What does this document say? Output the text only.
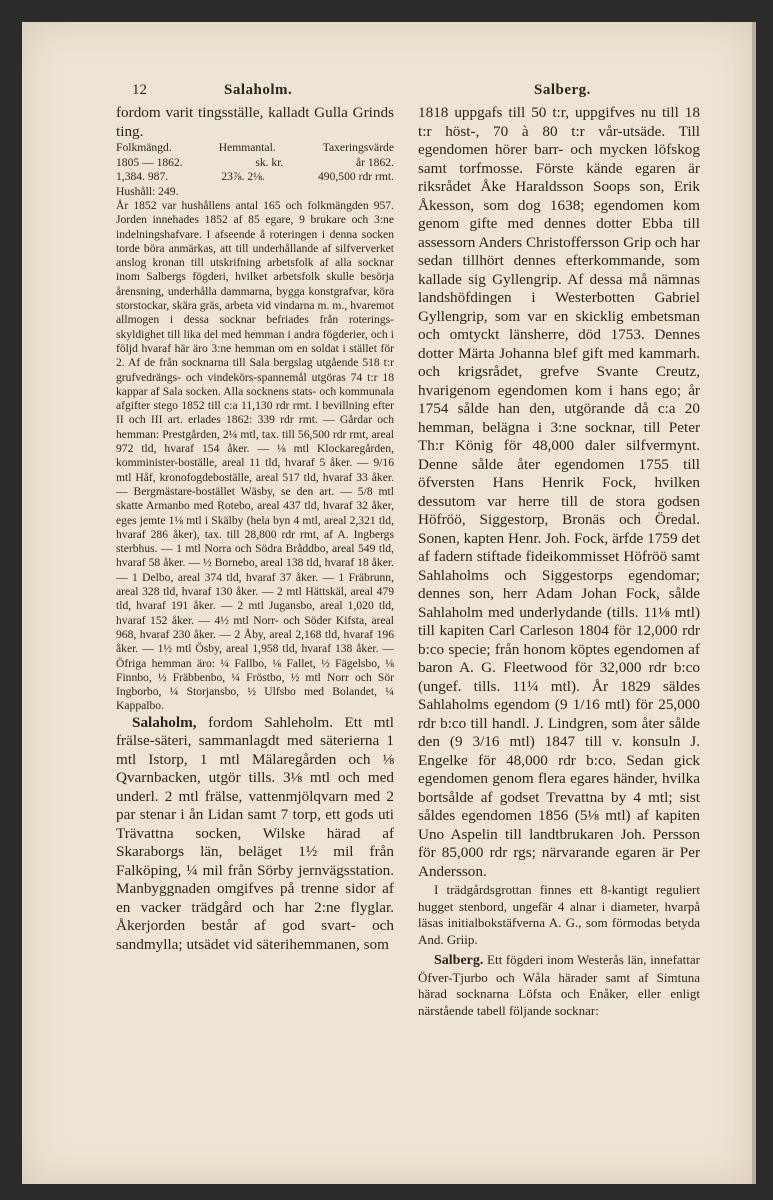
12	Salaholm.	Salberg.

fordom varit tingsställe, kalladt Gulla Grinds ting.

Folkmängd.	Hemmantal.	Taxeringsvärde
1805 — 1862.	sk. kr.	år 1862.
1,384. 987.	23⅞. 2⅛.	490,500 rdr rmt.
Hushåll: 249.

År 1852 var hushållens antal 165 och folkmängden 957. Jorden innehades 1852 af 85 egare, 9 brukare och 3:ne indelningshafvare. I afseende å roteringen i denna socken torde böra anmärkas, att till underhållande af silfververket anslog kronan till utskrifning arbetsfolk af alla socknar inom Salbergs fögderi, hvilket arbetsfolk skulle besörja årensning, underhålla dammarna, bygga konstgrafvar, köra storstockar, skära gräs, arbeta vid vindarna m. m., hvaremot allmogen i dessa socknar befriades från roterings-skyldighet till lika del med hemman i andra fögderier, och i följd hvaraf här äro 3:ne hemman om en soldat i stället för 2. Af de från socknarna till Sala bergslag utgående 518 t:r grufvedrängs- och vindekörs-spannemål utgöras 74 t:r 18 kappar af Sala socken. Alla socknens stats- och kommunala afgifter stego 1852 till c:a 11,130 rdr rmt. I bevillning efter II och III art. erlades 1862: 339 rdr rmt. — Gårdar och hemman: Prestgården, 2¼ mtl, tax. till 56,500 rdr rmt, areal 972 tld, hvaraf 154 åker. — ⅛ mtl Klockaregården, komminister-boställe, areal 11 tld, hvaraf 5 åker. — 9/16 mtl Håf, kronofogdeboställe, areal 517 tld, hvaraf 33 åker. — Bergmästare-bostället Wäsby, se den art. — 5/8 mtl skatte Armanbo med Rotebo, areal 437 tld, hvaraf 32 åker, eges jemte 1⅛ mtl i Skälby (hela byn 4 mtl, areal 2,321 tld, hvaraf 286 åker), tax. till 28,800 rdr rmt, af A. Ingbergs sterbhus. — 1 mtl Norra och Södra Bråddbo, areal 549 tld, hvaraf 58 åker. — ½ Bornebo, areal 138 tld, hvaraf 18 åker. — 1 Delbo, areal 374 tld, hvaraf 37 åker. — 1 Fräbrunn, areal 328 tld, hvaraf 130 åker. — 2 mtl Hättskäl, areal 479 tld, hvaraf 191 åker. — 2 mtl Jugansbo, areal 1,020 tld, hvaraf 152 åker. — 4½ mtl Norr- och Söder Kifsta, areal 968, hvaraf 230 åker. — 2 Åby, areal 2,168 tld, hvaraf 196 åker. — 1½ mtl Ösby, areal 1,958 tld, hvaraf 138 åker. — Öfriga hemman äro: ¼ Fallbo, ⅛ Fallet, ½ Fägelsbo, ⅛ Finnbo, ½ Fräbbenbo, ¼ Fröstbo, ½ mtl Norr och Sör Ingborbo, ¼ Storjansbo, ½ Ulfsbo med Bolandet, ¼ Kappalbo.

Salaholm, fordom Sahleholm. Ett mtl frälse-säteri, sammanlagdt med säterierna 1 mtl Istorp, 1 mtl Mälaregården och ⅛ Qvarnbacken, utgör tills. 3⅛ mtl och med underl. 2 mtl frälse, vattenmjölqvarn med 2 par stenar i ån Lidan samt 7 torp, ett gods uti Trävattna socken, Wilske härad af Skaraborgs län, beläget 1½ mil från Falköping, ¼ mil från Sörby jernvägsstation. Manbyggnaden omgifves på trenne sidor af en vacker trädgård och har 2:ne flyglar. Åkerjorden består af god svart- och sandmylla; utsädet vid säterihemmanen, som

1818 uppgafs till 50 t:r, uppgifves nu till 18 t:r höst-, 70 à 80 t:r vår-utsäde. Till egendomen hörer barr- och mycken löfskog samt torfmosse. Förste kände egaren är riksrådet Åke Haraldsson Soops son, Erik Åkesson, som dog 1638; egendomen kom genom gifte med dennes dotter Ebba till assessorn Anders Christoffersson Grip och har sedan tillhört dennes efterkommande, som kallade sig Gyllengrip. Af dessa må nämnas landshöfdingen i Westerbotten Gabriel Gyllengrip, som var en skicklig embetsman och omtyckt länsherre, död 1753. Dennes dotter Märta Johanna blef gift med kammarh. och krigsrådet, grefve Svante Creutz, hvarigenom egendomen kom i hans ego; år 1754 sålde han den, utgörande då c:a 20 hemman, belägna i 3:ne socknar, till Peter Th:r König för 48,000 daler silfvermynt. Denne sålde åter egendomen 1755 till öfversten Hans Henrik Fock, hvilken dessutom var herre till de stora godsen Höfröö, Siggestorp, Bronäs och Öredal. Sonen, kapten Henr. Joh. Fock, ärfde 1759 det af fadern stiftade fideikommisset Höfröö samt Sahlaholms och Siggestorps egendomar; dennes son, herr Adam Johan Fock, sålde Sahlaholm med underlydande (tills. 11⅛ mtl) till kapiten Carl Carleson 1804 för 12,000 rdr b:co specie; från honom köptes egendomen af baron A. G. Fleetwood för 32,000 rdr b:co (ungef. tills. 11¼ mtl). År 1829 säldes Sahlaholms egendom (9 1/16 mtl) för 25,000 rdr b:co till handl. J. Lindgren, som åter sålde den (9 3/16 mtl) 1847 till v. konsuln J. Engelke för 48,000 rdr b:co. Sedan gick egendomen genom flera egares händer, hvilka bortsålde af godset Trevattna by 4 mtl; sist såldes egendomen 1856 (5⅛ mtl) af kapiten Uno Aspelin till landtbrukaren Joh. Persson för 85,000 rdr rgs; närvarande egaren är Per Andersson.

I trädgårdsgrottan finnes ett 8-kantigt reguliert hugget stenbord, ungefär 4 alnar i diameter, hvarpå läsas initialbokstäfverna A. G., som förmodas betyda And. Griip.

Salberg. Ett fögderi inom Westerås län, innefattar Öfver-Tjurbo och Wåla härader samt af Simtuna härad socknarna Löfsta och Enåker, eller enligt närstående tabell följande socknar:
